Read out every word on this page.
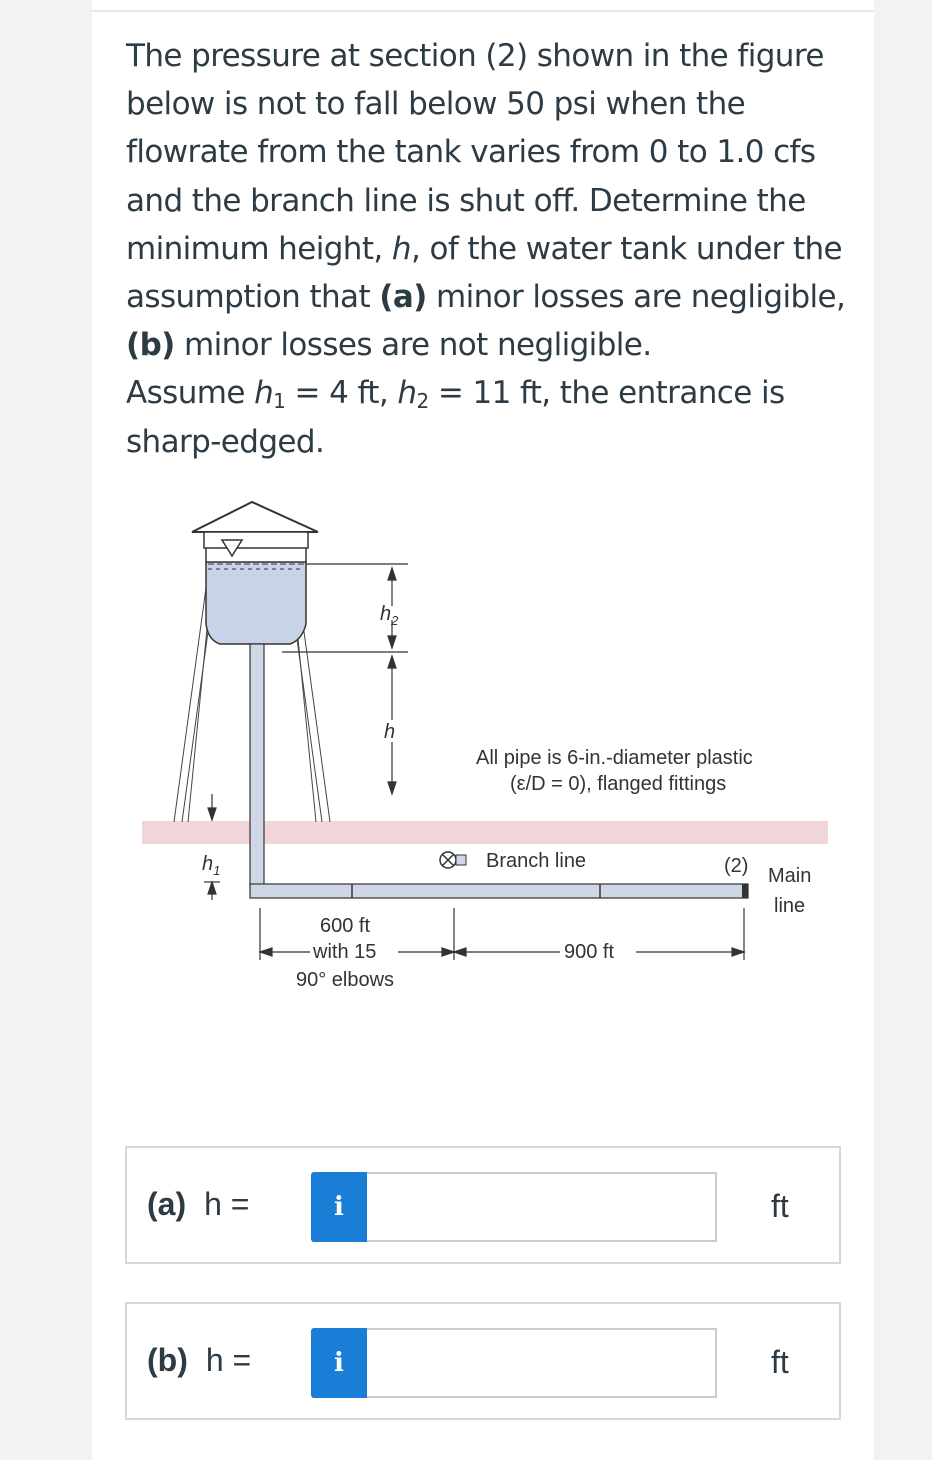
The pressure at section (2) shown in the figure below is not to fall below 50 psi when the flowrate from the tank varies from 0 to 1.0 cfs and the branch line is shut off. Determine the minimum height, h, of the water tank under the assumption that (a) minor losses are negligible, (b) minor losses are not negligible.

Assume $h_1 = 4$ ft, $h_2 = 11$ ft, the entrance is sharp-edged.

$h_2$
h
$h_1$
600 ft
with 15
90° elbows
900 ft
All pipe is 6-in.-diameter plastic
(ε/D = 0), flanged fittings
Branch line	(2) Main
line
(a) h =	i	ft
(b) h =	i	ft
